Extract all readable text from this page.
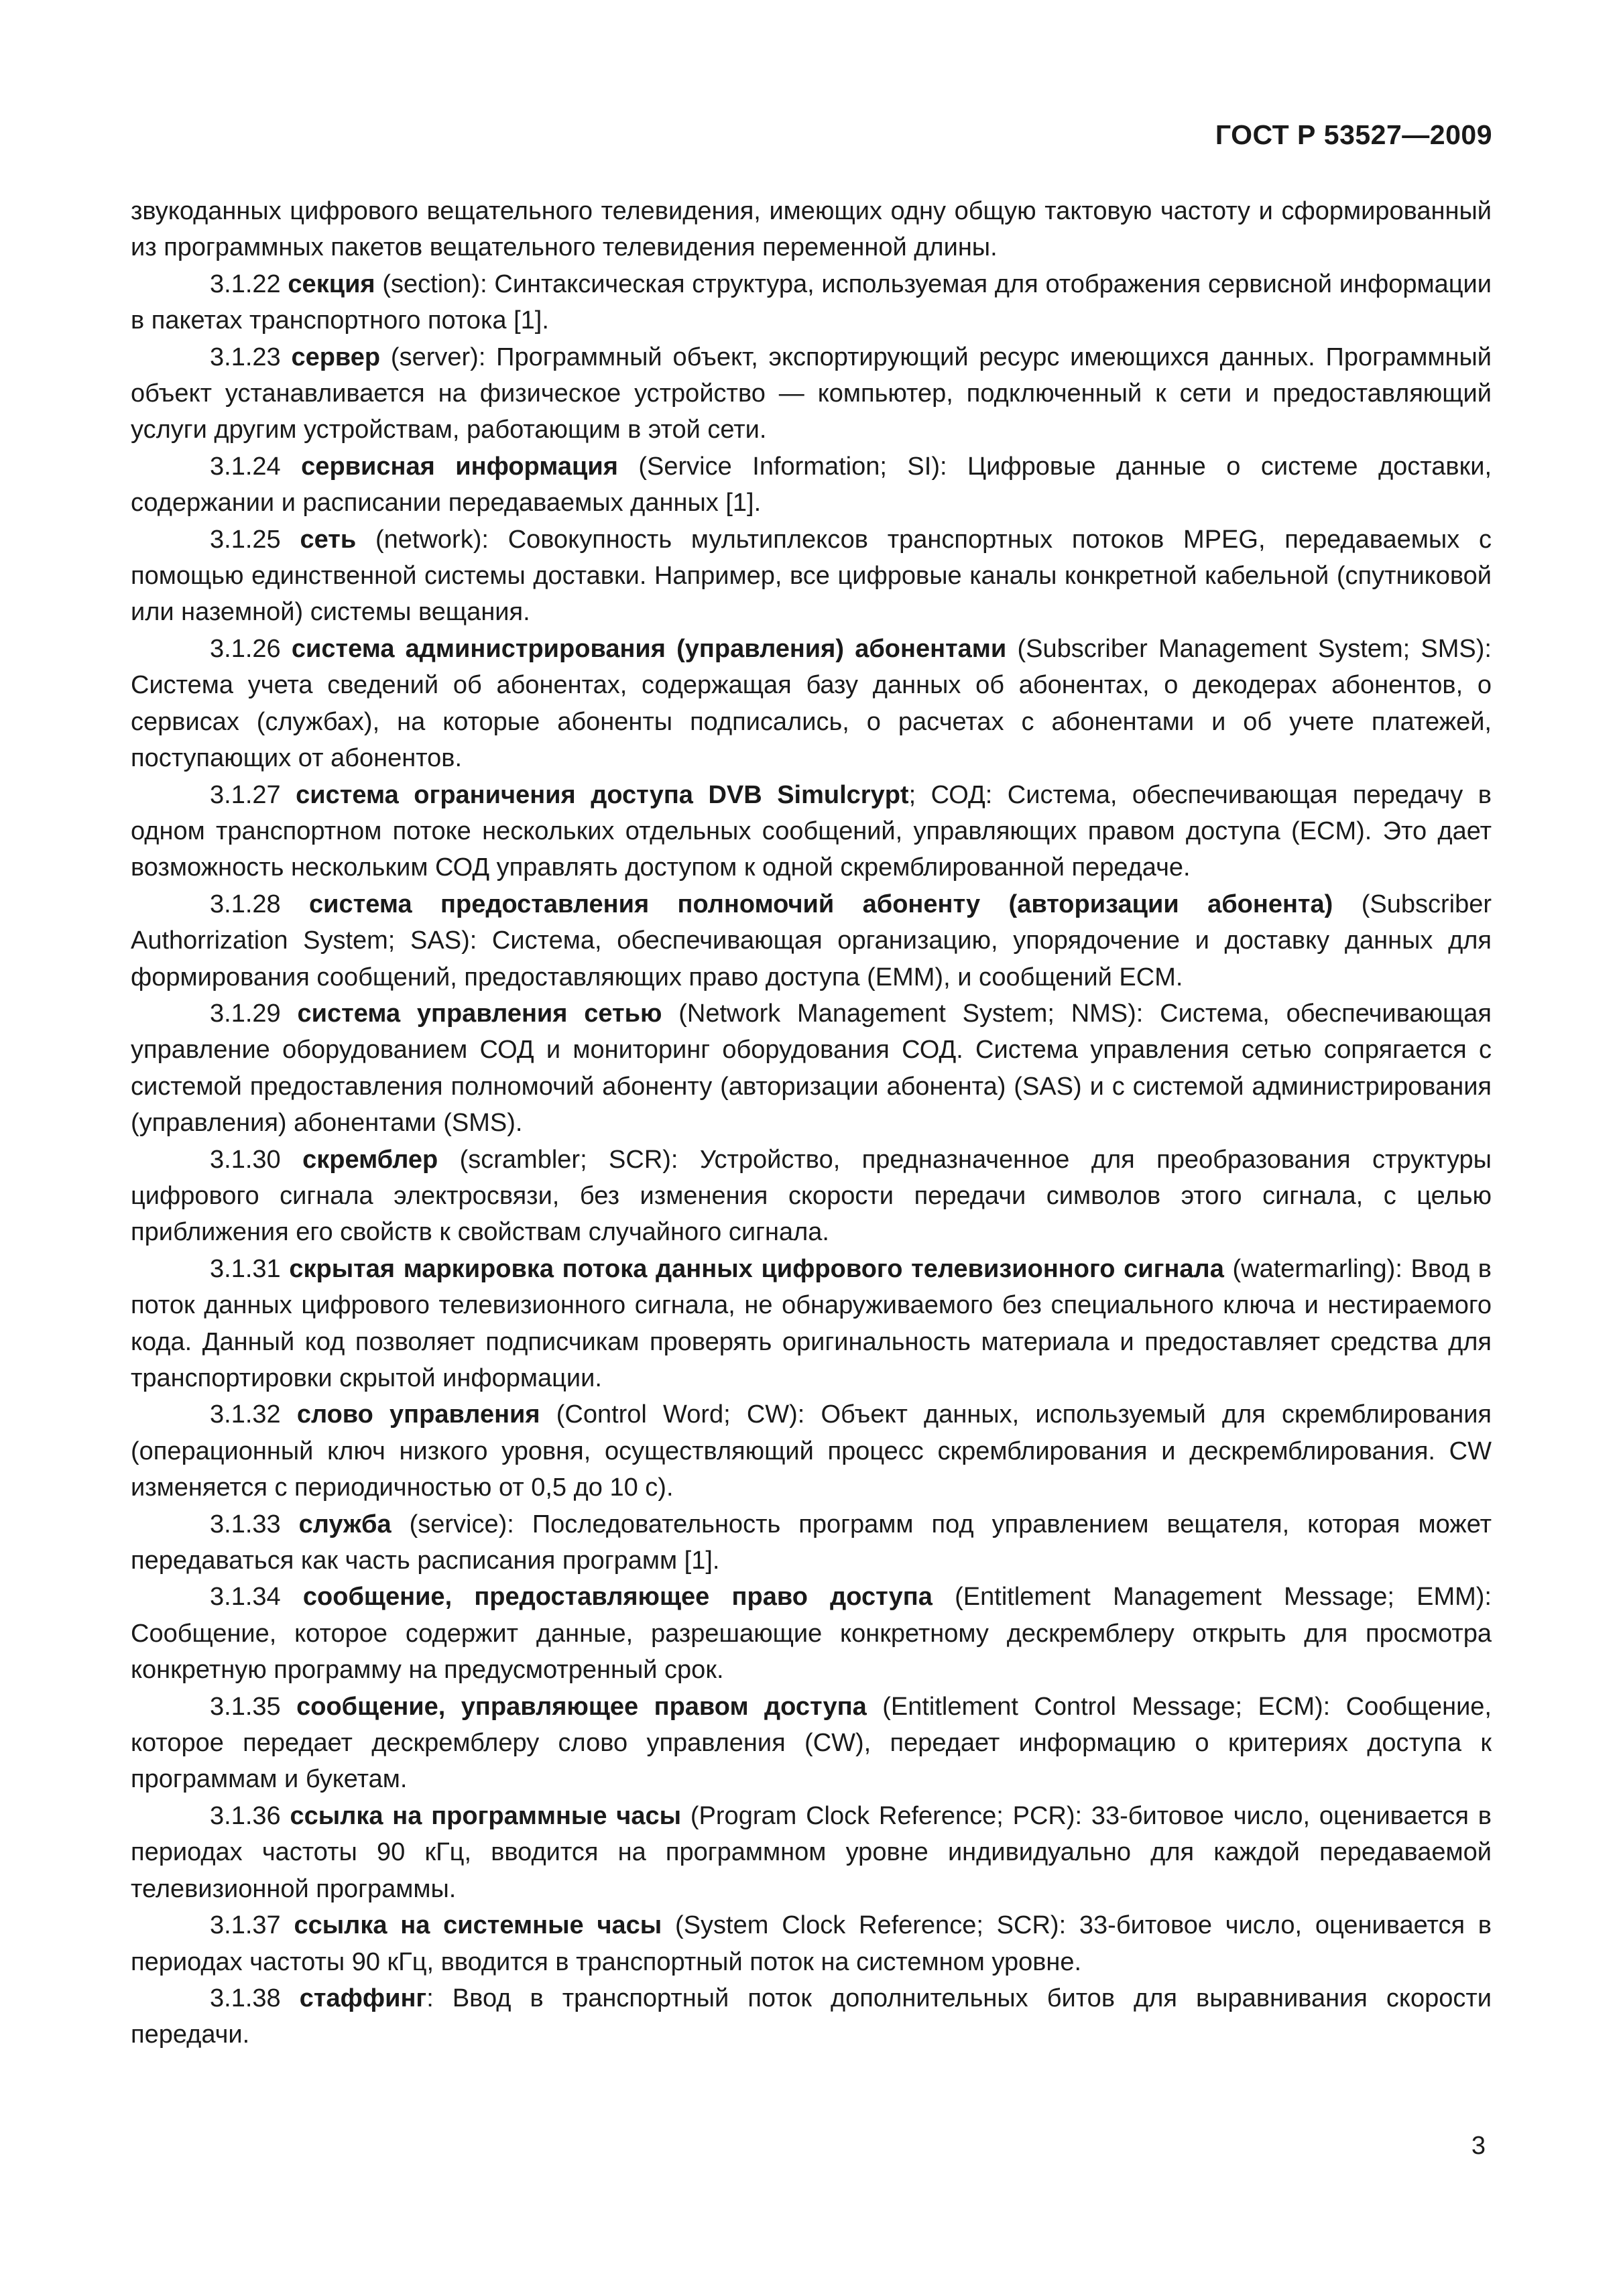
ГОСТ Р 53527—2009

звукоданных цифрового вещательного телевидения, имеющих одну общую тактовую частоту и сформированный из программных пакетов вещательного телевидения переменной длины.

3.1.22 секция (section): Синтаксическая структура, используемая для отображения сервисной информации в пакетах транспортного потока [1].

3.1.23 сервер (server): Программный объект, экспортирующий ресурс имеющихся данных. Программный объект устанавливается на физическое устройство — компьютер, подключенный к сети и предоставляющий услуги другим устройствам, работающим в этой сети.

3.1.24 сервисная информация (Service Information; SI): Цифровые данные о системе доставки, содержании и расписании передаваемых данных [1].

3.1.25 сеть (network): Совокупность мультиплексов транспортных потоков MPEG, передаваемых с помощью единственной системы доставки. Например, все цифровые каналы конкретной кабельной (спутниковой или наземной) системы вещания.

3.1.26 система администрирования (управления) абонентами (Subscriber Management System; SMS): Система учета сведений об абонентах, содержащая базу данных об абонентах, о декодерах абонентов, о сервисах (службах), на которые абоненты подписались, о расчетах с абонентами и об учете платежей, поступающих от абонентов.

3.1.27 система ограничения доступа DVB Simulcrypt; СОД: Система, обеспечивающая передачу в одном транспортном потоке нескольких отдельных сообщений, управляющих правом доступа (ECM). Это дает возможность нескольким СОД управлять доступом к одной скремблированной передаче.

3.1.28 система предоставления полномочий абоненту (авторизации абонента) (Subscriber Authorrization System; SAS): Система, обеспечивающая организацию, упорядочение и доставку данных для формирования сообщений, предоставляющих право доступа (EMM), и сообщений ECM.

3.1.29 система управления сетью (Network Management System; NMS): Система, обеспечивающая управление оборудованием СОД и мониторинг оборудования СОД. Система управления сетью сопрягается с системой предоставления полномочий абоненту (авторизации абонента) (SAS) и с системой администрирования (управления) абонентами (SMS).

3.1.30 скремблер (scrambler; SCR): Устройство, предназначенное для преобразования структуры цифрового сигнала электросвязи, без изменения скорости передачи символов этого сигнала, с целью приближения его свойств к свойствам случайного сигнала.

3.1.31 скрытая маркировка потока данных цифрового телевизионного сигнала (watermarling): Ввод в поток данных цифрового телевизионного сигнала, не обнаруживаемого без специального ключа и нестираемого кода. Данный код позволяет подписчикам проверять оригинальность материала и предоставляет средства для транспортировки скрытой информации.

3.1.32 слово управления (Control Word; CW): Объект данных, используемый для скремблирования (операционный ключ низкого уровня, осуществляющий процесс скремблирования и дескремблирования. CW изменяется с периодичностью от 0,5 до 10 с).

3.1.33 служба (service): Последовательность программ под управлением вещателя, которая может передаваться как часть расписания программ [1].

3.1.34 сообщение, предоставляющее право доступа (Entitlement Management Message; EMM): Сообщение, которое содержит данные, разрешающие конкретному дескремблеру открыть для просмотра конкретную программу на предусмотренный срок.

3.1.35 сообщение, управляющее правом доступа (Entitlement Control Message; ECM): Сообщение, которое передает дескремблеру слово управления (CW), передает информацию о критериях доступа к программам и букетам.

3.1.36 ссылка на программные часы (Program Clock Reference; PCR): 33-битовое число, оценивается в периодах частоты 90 кГц, вводится на программном уровне индивидуально для каждой передаваемой телевизионной программы.

3.1.37 ссылка на системные часы (System Clock Reference; SCR): 33-битовое число, оценивается в периодах частоты 90 кГц, вводится в транспортный поток на системном уровне.

3.1.38 стаффинг: Ввод в транспортный поток дополнительных битов для выравнивания скорости передачи.

3
